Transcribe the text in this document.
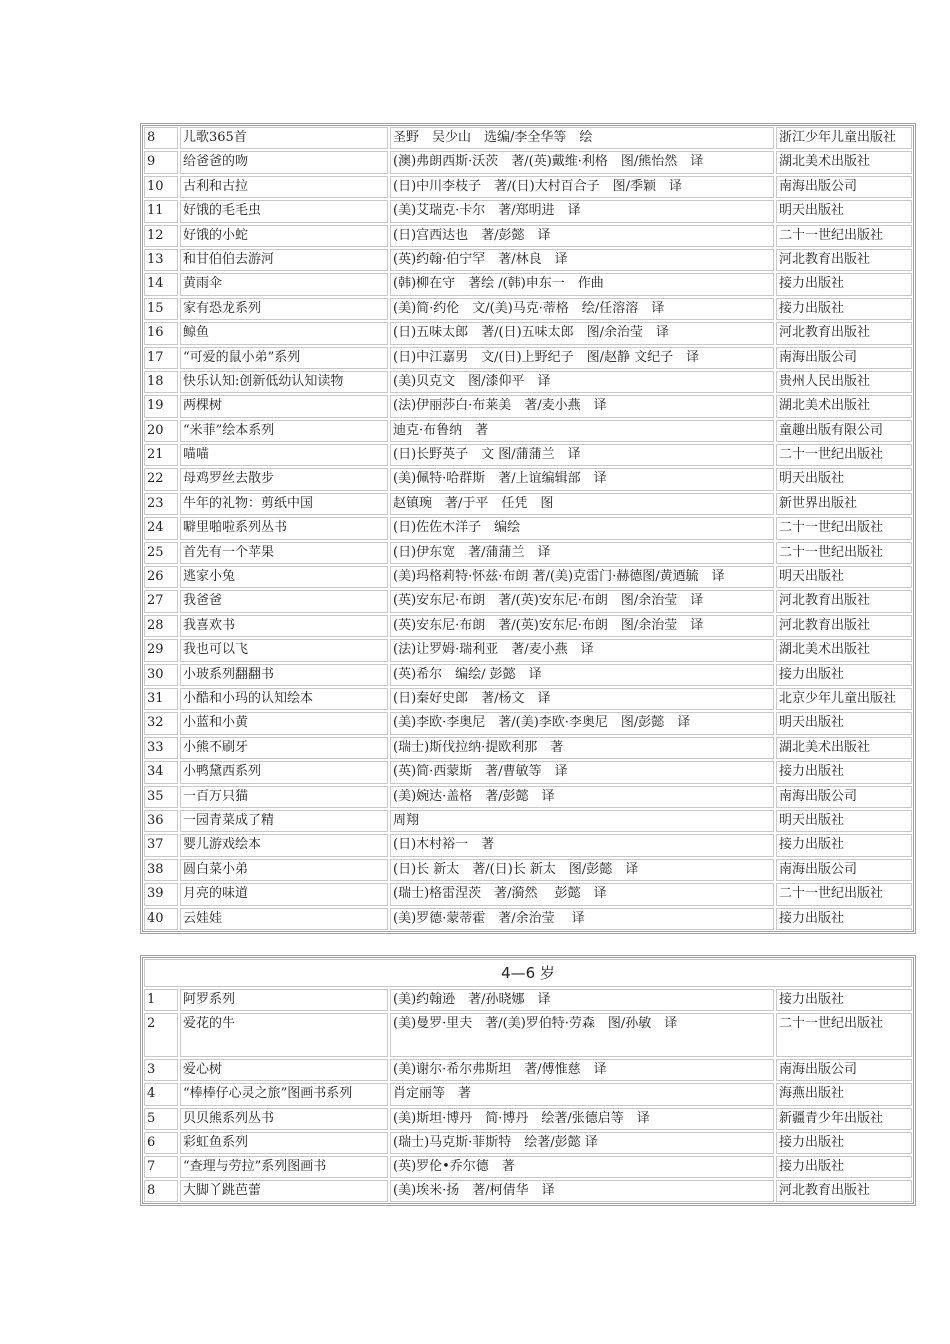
8	儿歌365首	圣野　吴少山　选编/李全华等　绘	浙江少年儿童出版社
9	给爸爸的吻	(澳)弗朗西斯·沃茨　著/(英)戴维·利格　图/熊怡然　译	湖北美术出版社
10	古利和古拉	(日)中川李枝子　著/(日)大村百合子　图/季颖　译	南海出版公司
11	好饿的毛毛虫	(美)艾瑞克·卡尔　著/郑明进　译	明天出版社
12	好饿的小蛇	(日)宫西达也　著/彭懿　译	二十一世纪出版社
13	和甘伯伯去游河	(英)约翰·伯宁罕　著/林良　译	河北教育出版社
14	黄雨伞	(韩)柳在守　著绘 /(韩)申东一　作曲	接力出版社
15	家有恐龙系列	(美)简·约伦　文/(美)马克·蒂格　绘/任溶溶　译	接力出版社
16	鲸鱼	(日)五味太郎　著/(日)五味太郎　图/余治莹　译	河北教育出版社
17	“可爱的鼠小弟”系列	(日)中江嘉男　文/(日)上野纪子　图/赵静 文纪子　译	南海出版公司
18	快乐认知:创新低幼认知读物	(美)贝克文　图/漆仰平　译	贵州人民出版社
19	两棵树	(法)伊丽莎白·布莱美　著/麦小燕　译	湖北美术出版社
20	“米菲”绘本系列	迪克·布鲁纳　著	童趣出版有限公司
21	喵喵	(日)长野英子　文 图/蒲蒲兰　译	二十一世纪出版社
22	母鸡罗丝去散步	(美)佩特·哈群斯　著/上谊编辑部　译	明天出版社
23	牛年的礼物：剪纸中国	赵镇琬　著/于平　任凭　图	新世界出版社
24	噼里啪啦系列丛书	(日)佐佐木洋子　编绘	二十一世纪出版社
25	首先有一个苹果	(日)伊东宽　著/蒲蒲兰　译	二十一世纪出版社
26	逃家小兔	(美)玛格莉特·怀兹·布朗 著/(美)克雷门·赫德图/黄迺毓　译	明天出版社
27	我爸爸	(英)安东尼·布朗　著/(英)安东尼·布朗　图/余治莹　译	河北教育出版社
28	我喜欢书	(英)安东尼·布朗　著/(英)安东尼·布朗　图/余治莹　译	河北教育出版社
29	我也可以飞	(法)让罗姆·瑞利亚　著/麦小燕　译	湖北美术出版社
30	小玻系列翻翻书	(英)希尔　编绘/ 彭懿　译	接力出版社
31	小酷和小玛的认知绘本	(日)秦好史郎　著/杨文　译	北京少年儿童出版社
32	小蓝和小黄	(美)李欧·李奥尼　著/(美)李欧·李奥尼　图/彭懿　译	明天出版社
33	小熊不刷牙	(瑞士)斯伐拉纳·提欧利那　著	湖北美术出版社
34	小鸭黛西系列	(英)简·西蒙斯　著/曹敏等　译	接力出版社
35	一百万只猫	(美)婉达·盖格　著/彭懿　译	南海出版公司
36	一园青菜成了精	周翔	明天出版社
37	婴儿游戏绘本	(日)木村裕一　著	接力出版社
38	圆白菜小弟	(日)长 新太　著/(日)长 新太　图/彭懿　译	南海出版公司
39	月亮的味道	(瑞士)格雷涅茨　著/漪然　 彭懿　译	二十一世纪出版社
40	云娃娃	(美)罗德·蒙蒂霍　著/余治莹　 译	接力出版社
4—6 岁
1	阿罗系列	(美)约翰逊　著/孙晓娜　译	接力出版社
2	爱花的牛	(美)曼罗·里夫　著/(美)罗伯特·劳森　图/孙敏　译	二十一世纪出版社
3	爱心树	(美)谢尔·希尔弗斯坦　著/傅惟慈　译	南海出版公司
4	“棒棒仔心灵之旅”图画书系列	肖定丽等　著	海燕出版社
5	贝贝熊系列丛书	(美)斯坦·博丹　简·博丹　绘著/张德启等　译	新疆青少年出版社
6	彩虹鱼系列	(瑞士)马克斯·菲斯特　绘著/彭懿 译	接力出版社
7	“查理与劳拉”系列图画书	(英)罗伦•乔尔德　著	接力出版社
8	大脚丫跳芭蕾	(美)埃米·扬　著/柯倩华　译	河北教育出版社
